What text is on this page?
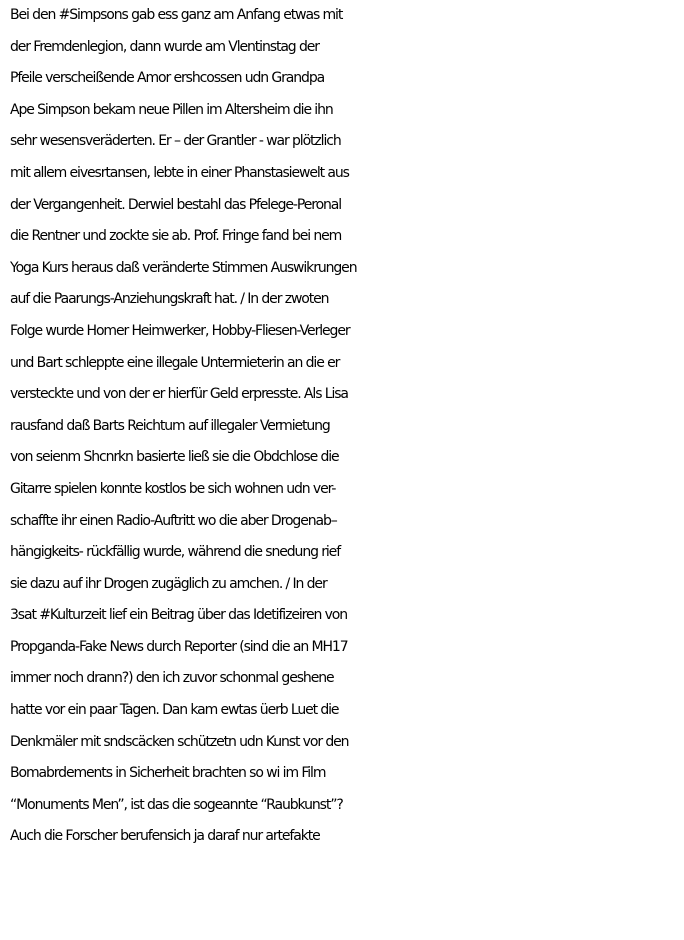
Bei den #Simpsons gab ess ganz am Anfang etwas mit
der Fremdenlegion, dann wurde am Vlentinstag der
Pfeile verscheißende Amor ershcossen udn Grandpa
Ape Simpson bekam neue Pillen im Altersheim die ihn
sehr wesensveräderten. Er – der Grantler - war plötzlich
mit allem eivesrtansen, lebte in einer Phanstasiewelt aus
der Vergangenheit. Derwiel bestahl das Pfelege-Peronal
die Rentner und zockte sie ab. Prof. Fringe fand bei nem
Yoga Kurs heraus daß veränderte Stimmen Auswikrungen
auf die Paarungs-Anziehungskraft hat. / In der zwoten
Folge wurde Homer Heimwerker, Hobby-Fliesen-Verleger
und Bart schleppte eine illegale Untermieterin an die er
versteckte und von der er hierfür Geld erpresste. Als Lisa
rausfand daß Barts Reichtum auf illegaler Vermietung
von seienm Shcnrkn basierte ließ sie die Obdchlose die
Gitarre spielen konnte kostlos be sich wohnen udn ver-
schaffte ihr einen Radio-Auftritt wo die aber Drogenab–
hängigkeits- rückfällig wurde, während die snedung rief
sie dazu auf ihr Drogen zugäglich zu amchen. / In der
3sat #Kulturzeit lief ein Beitrag über das Idetifizeiren von
Propganda-Fake News durch Reporter (sind die an MH17
immer noch drann?) den ich zuvor schonmal geshene
hatte vor ein paar Tagen. Dan kam ewtas üerb Luet die
Denkmäler mit sndscäcken schützetn udn Kunst vor den
Bomabrdements in Sicherheit brachten so wi im Film
“Monuments Men”, ist das die sogeannte “Raubkunst”?
Auch die Forscher berufensich ja daraf nur artefakte
